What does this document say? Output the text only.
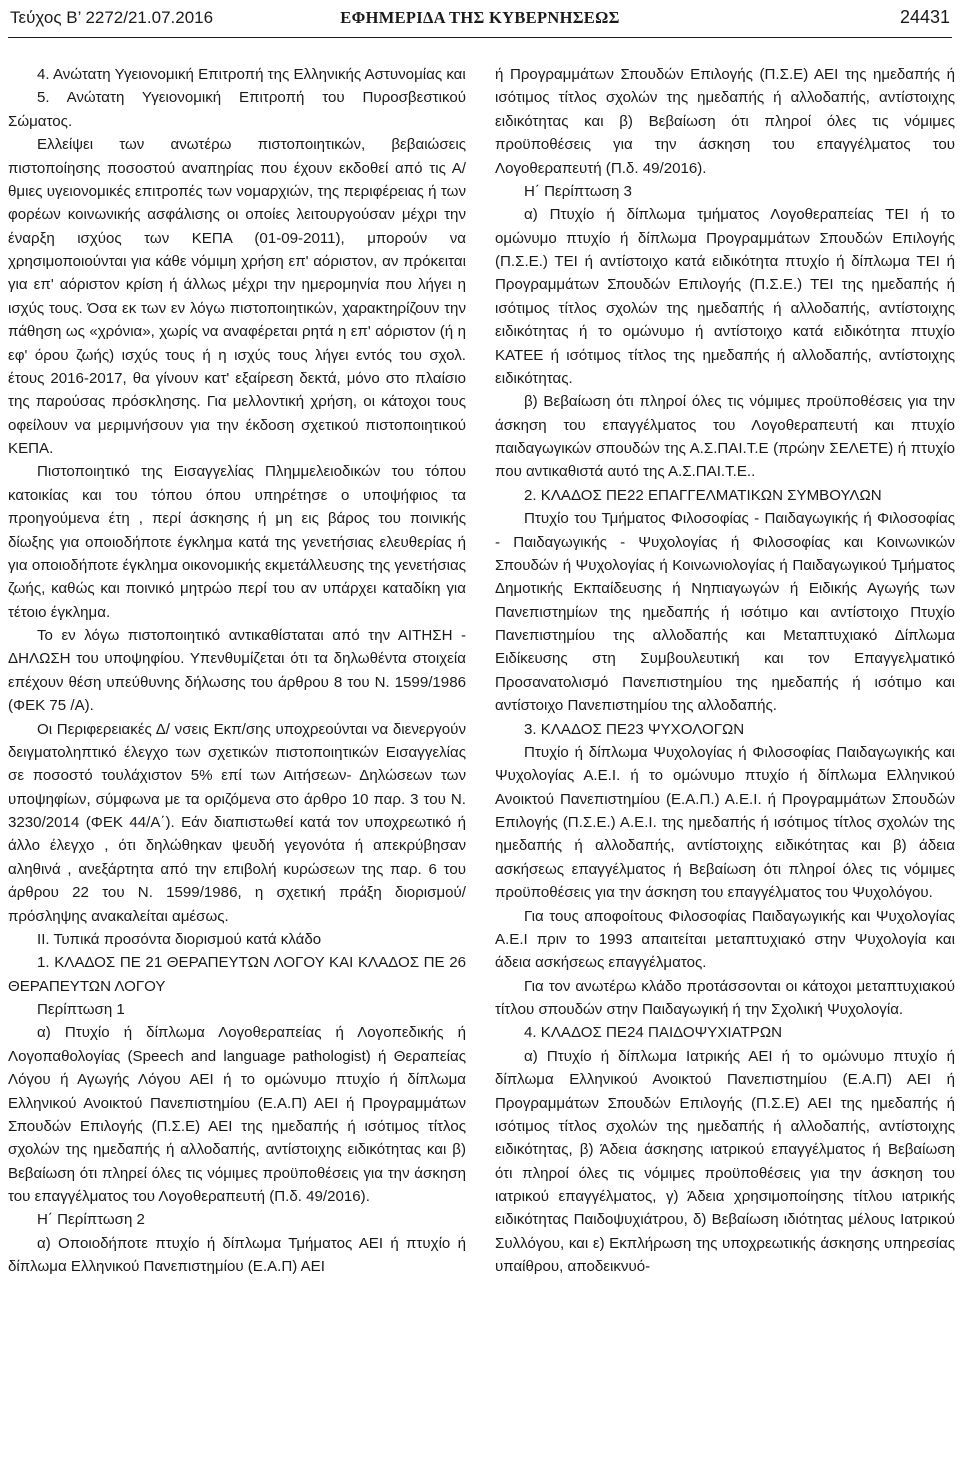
Τεύχος Β’ 2272/21.07.2016	ΕΦΗΜΕΡΙΔΑ ΤΗΣ ΚΥΒΕΡΝΗΣΕΩΣ	24431

4. Ανώτατη Υγειονομική Επιτροπή της Ελληνικής Αστυνομίας και

5. Ανώτατη Υγειονομική Επιτροπή του Πυροσβεστικού Σώματος.

Ελλείψει των ανωτέρω πιστοποιητικών, βεβαιώσεις πιστοποίησης ποσοστού αναπηρίας που έχουν εκδοθεί από τις Α/θμιες υγειονομικές επιτροπές των νομαρχιών, της περιφέρειας ή των φορέων κοινωνικής ασφάλισης οι οποίες λειτουργούσαν μέχρι την έναρξη ισχύος των ΚΕΠΑ (01-09-2011), μπορούν να χρησιμοποιούνται για κάθε νόμιμη χρήση επ' αόριστον, αν πρόκειται για επ' αόριστον κρίση ή άλλως μέχρι την ημερομηνία που λήγει η ισχύς τους. Όσα εκ των εν λόγω πιστοποιητικών, χαρακτηρίζουν την πάθηση ως «χρόνια», χωρίς να αναφέρεται ρητά η επ' αόριστον (ή η εφ' όρου ζωής) ισχύς τους ή η ισχύς τους λήγει εντός του σχολ. έτους 2016-2017, θα γίνουν κατ' εξαίρεση δεκτά, μόνο στο πλαίσιο της παρούσας πρόσκλησης. Για μελλοντική χρήση, οι κάτοχοι τους οφείλουν να μεριμνήσουν για την έκδοση σχετικού πιστοποιητικού ΚΕΠΑ.

Πιστοποιητικό της Εισαγγελίας Πλημμελειοδικών του τόπου κατοικίας και του τόπου όπου υπηρέτησε ο υποψήφιος τα προηγούμενα έτη , περί άσκησης ή μη εις βάρος του ποινικής δίωξης για οποιοδήποτε έγκλημα κατά της γενετήσιας ελευθερίας ή για οποιοδήποτε έγκλημα οικονομικής εκμετάλλευσης της γενετήσιας ζωής, καθώς και ποινικό μητρώο περί του αν υπάρχει καταδίκη για τέτοιο έγκλημα.

Το εν λόγω πιστοποιητικό αντικαθίσταται από την ΑΙΤΗΣΗ - ΔΗΛΩΣΗ του υποψηφίου. Υπενθυμίζεται ότι τα δηλωθέντα στοιχεία επέχουν θέση υπεύθυνης δήλωσης του άρθρου 8 του Ν. 1599/1986 (ΦΕΚ 75 /Α).

Οι Περιφερειακές Δ/ νσεις Εκπ/σης υποχρεούνται να διενεργούν δειγματοληπτικό έλεγχο των σχετικών πιστοποιητικών Εισαγγελίας σε ποσοστό τουλάχιστον 5% επί των Αιτήσεων- Δηλώσεων των υποψηφίων, σύμφωνα με τα οριζόμενα στο άρθρο 10 παρ. 3 του Ν. 3230/2014 (ΦΕΚ 44/Α΄). Εάν διαπιστωθεί κατά τον υποχρεωτικό ή άλλο έλεγχο , ότι δηλώθηκαν ψευδή γεγονότα ή απεκρύβησαν αληθινά , ανεξάρτητα από την επιβολή κυρώσεων της παρ. 6 του άρθρου 22 του Ν. 1599/1986, η σχετική πράξη διορισμού/πρόσληψης ανακαλείται αμέσως.

ΙΙ. Τυπικά προσόντα διορισμού κατά κλάδο

1. ΚΛΑΔΟΣ ΠΕ 21 ΘΕΡΑΠΕΥΤΩΝ ΛΟΓΟΥ ΚΑΙ ΚΛΑΔΟΣ ΠΕ 26 ΘΕΡΑΠΕΥΤΩΝ ΛΟΓΟΥ

Περίπτωση 1

α) Πτυχίο ή δίπλωμα Λογοθεραπείας ή Λογοπεδικής ή Λογοπαθολογίας (Speech and language pathologist) ή Θεραπείας Λόγου ή Αγωγής Λόγου ΑΕΙ ή το ομώνυμο πτυχίο ή δίπλωμα Ελληνικού Ανοικτού Πανεπιστημίου (Ε.Α.Π) ΑΕΙ ή Προγραμμάτων Σπουδών Επιλογής (Π.Σ.Ε) ΑΕΙ της ημεδαπής ή ισότιμος τίτλος σχολών της ημεδαπής ή αλλοδαπής, αντίστοιχης ειδικότητας και β) Βεβαίωση ότι πληρεί όλες τις νόμιμες προϋποθέσεις για την άσκηση του επαγγέλματος του Λογοθεραπευτή (Π.δ. 49/2016).

Η΄ Περίπτωση 2

α) Οποιοδήποτε πτυχίο ή δίπλωμα Τμήματος ΑΕΙ ή πτυχίο ή δίπλωμα Ελληνικού Πανεπιστημίου (Ε.Α.Π) ΑΕΙ

ή Προγραμμάτων Σπουδών Επιλογής (Π.Σ.Ε) ΑΕΙ της ημεδαπής ή ισότιμος τίτλος σχολών της ημεδαπής ή αλλοδαπής, αντίστοιχης ειδικότητας και β) Βεβαίωση ότι πληροί όλες τις νόμιμες προϋποθέσεις για την άσκηση του επαγγέλματος του Λογοθεραπευτή (Π.δ. 49/2016).

Η΄ Περίπτωση 3

α) Πτυχίο ή δίπλωμα τμήματος Λογοθεραπείας ΤΕΙ ή το ομώνυμο πτυχίο ή δίπλωμα Προγραμμάτων Σπουδών Επιλογής (Π.Σ.Ε.) ΤΕΙ ή αντίστοιχο κατά ειδικότητα πτυχίο ή δίπλωμα ΤΕΙ ή Προγραμμάτων Σπουδών Επιλογής (Π.Σ.Ε.) ΤΕΙ της ημεδαπής ή ισότιμος τίτλος σχολών της ημεδαπής ή αλλοδαπής, αντίστοιχης ειδικότητας ή το ομώνυμο ή αντίστοιχο κατά ειδικότητα πτυχίο ΚΑΤΕΕ ή ισότιμος τίτλος της ημεδαπής ή αλλοδαπής, αντίστοιχης ειδικότητας.

β) Βεβαίωση ότι πληροί όλες τις νόμιμες προϋποθέσεις για την άσκηση του επαγγέλματος του Λογοθεραπευτή και πτυχίο παιδαγωγικών σπουδών της Α.Σ.ΠΑΙ.Τ.Ε (πρώην ΣΕΛΕΤΕ) ή πτυχίο που αντικαθιστά αυτό της Α.Σ.ΠΑΙ.Τ.Ε..

2. ΚΛΑΔΟΣ ΠΕ22 ΕΠΑΓΓΕΛΜΑΤΙΚΩΝ ΣΥΜΒΟΥΛΩΝ

Πτυχίο του Τμήματος Φιλοσοφίας - Παιδαγωγικής ή Φιλοσοφίας - Παιδαγωγικής - Ψυχολογίας ή Φιλοσοφίας και Κοινωνικών Σπουδών ή Ψυχολογίας ή Κοινωνιολογίας ή Παιδαγωγικού Τμήματος Δημοτικής Εκπαίδευσης ή Νηπιαγωγών ή Ειδικής Αγωγής των Πανεπιστημίων της ημεδαπής ή ισότιμο και αντίστοιχο Πτυχίο Πανεπιστημίου της αλλοδαπής και Μεταπτυχιακό Δίπλωμα Ειδίκευσης στη Συμβουλευτική και τον Επαγγελματικό Προσανατολισμό Πανεπιστημίου της ημεδαπής ή ισότιμο και αντίστοιχο Πανεπιστημίου της αλλοδαπής.

3. ΚΛΑΔΟΣ ΠΕ23 ΨΥΧΟΛΟΓΩΝ

Πτυχίο ή δίπλωμα Ψυχολογίας ή Φιλοσοφίας Παιδαγωγικής και Ψυχολογίας Α.Ε.Ι. ή το ομώνυμο πτυχίο ή δίπλωμα Ελληνικού Ανοικτού Πανεπιστημίου (Ε.Α.Π.) Α.Ε.Ι. ή Προγραμμάτων Σπουδών Επιλογής (Π.Σ.Ε.) Α.Ε.Ι. της ημεδαπής ή ισότιμος τίτλος σχολών της ημεδαπής ή αλλοδαπής, αντίστοιχης ειδικότητας και β) άδεια ασκήσεως επαγγέλματος ή Βεβαίωση ότι πληροί όλες τις νόμιμες προϋποθέσεις για την άσκηση του επαγγέλματος του Ψυχολόγου.

Για τους αποφοίτους Φιλοσοφίας Παιδαγωγικής και Ψυχολογίας Α.Ε.Ι πριν το 1993 απαιτείται μεταπτυχιακό στην Ψυχολογία και άδεια ασκήσεως επαγγέλματος.

Για τον ανωτέρω κλάδο προτάσσονται οι κάτοχοι μεταπτυχιακού τίτλου σπουδών στην Παιδαγωγική ή την Σχολική Ψυχολογία.

4. ΚΛΑΔΟΣ ΠΕ24 ΠΑΙΔΟΨΥΧΙΑΤΡΩΝ

α) Πτυχίο ή δίπλωμα Ιατρικής ΑΕΙ ή το ομώνυμο πτυχίο ή δίπλωμα Ελληνικού Ανοικτού Πανεπιστημίου (Ε.Α.Π) ΑΕΙ ή Προγραμμάτων Σπουδών Επιλογής (Π.Σ.Ε) ΑΕΙ της ημεδαπής ή ισότιμος τίτλος σχολών της ημεδαπής ή αλλοδαπής, αντίστοιχης ειδικότητας, β) Άδεια άσκησης ιατρικού επαγγέλματος ή Βεβαίωση ότι πληροί όλες τις νόμιμες προϋποθέσεις για την άσκηση του ιατρικού επαγγέλματος, γ) Άδεια χρησιμοποίησης τίτλου ιατρικής ειδικότητας Παιδοψυχιάτρου, δ) Βεβαίωση ιδιότητας μέλους Ιατρικού Συλλόγου, και ε) Εκπλήρωση της υποχρεωτικής άσκησης υπηρεσίας υπαίθρου, αποδεικνυό-
